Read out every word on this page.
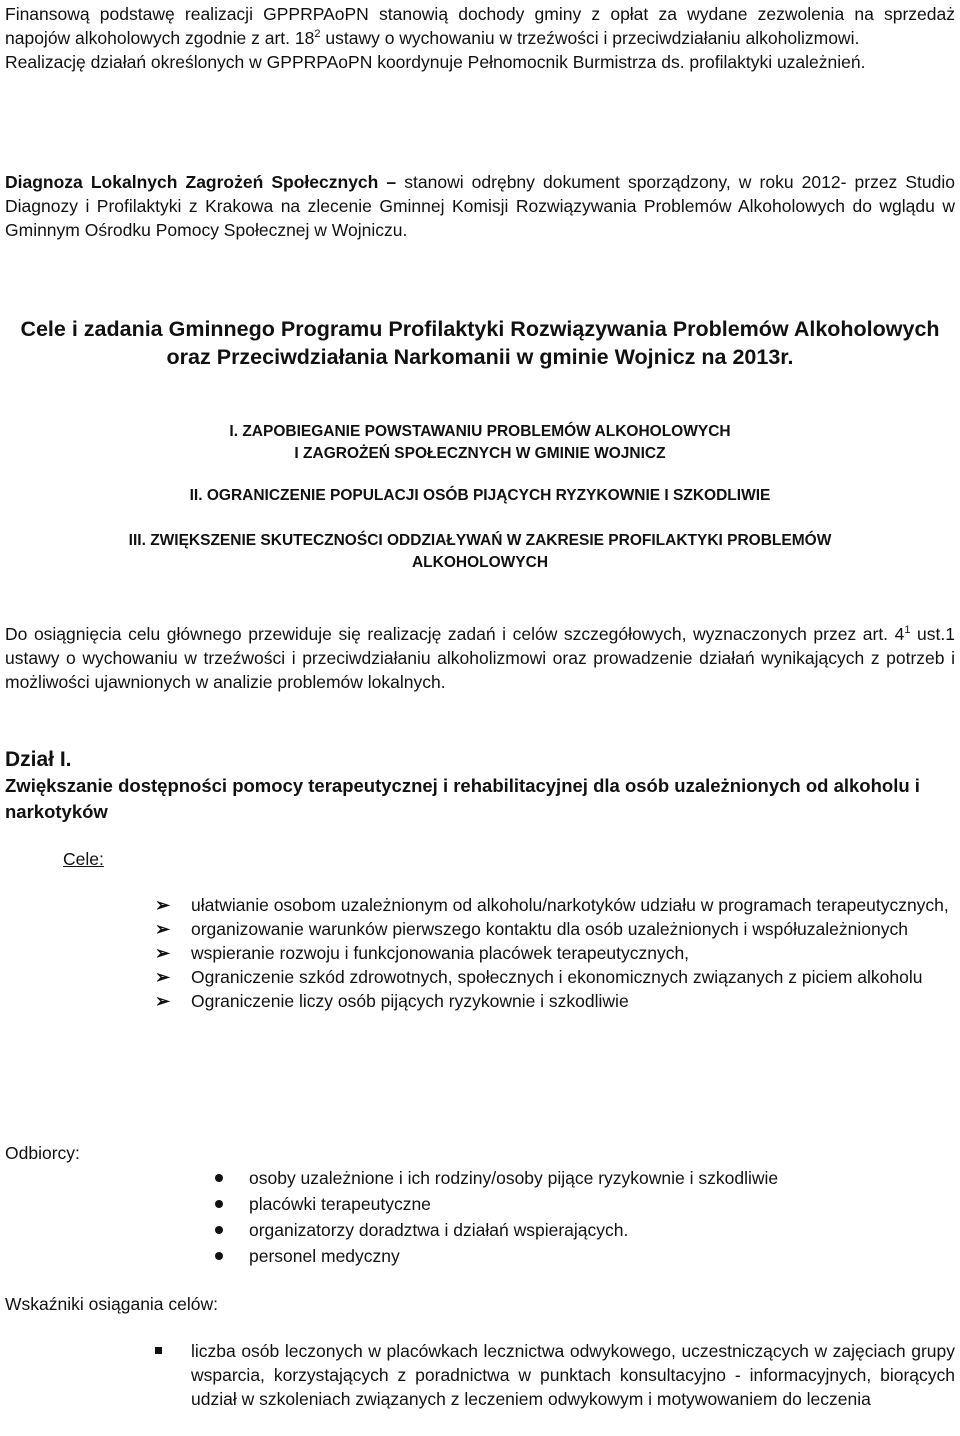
Finansową podstawę realizacji GPPRPAoPN stanowią dochody gminy z opłat za wydane zezwolenia na sprzedaż napojów alkoholowych zgodnie z art. $18^2$ ustawy o wychowaniu w trzeźwości i przeciwdziałaniu alkoholizmowi.

Realizację działań określonych w GPPRPAoPN koordynuje Pełnomocnik Burmistrza ds. profilaktyki uzależnień.

Diagnoza Lokalnych Zagrożeń Społecznych – stanowi odrębny dokument sporządzony, w roku 2012- przez Studio Diagnozy i Profilaktyki z Krakowa na zlecenie Gminnej Komisji Rozwiązywania Problemów Alkoholowych do wglądu w Gminnym Ośrodku Pomocy Społecznej w Wojniczu.

Cele i zadania Gminnego Programu Profilaktyki Rozwiązywania Problemów Alkoholowych oraz Przeciwdziałania Narkomanii w gminie Wojnicz na 2013r.
I. ZAPOBIEGANIE POWSTAWANIU PROBLEMÓW ALKOHOLOWYCH
I ZAGROŻEŃ SPOŁECZNYCH W GMINIE WOJNICZ
II. OGRANICZENIE POPULACJI OSÓB PIJĄCYCH RYZYKOWNIE I SZKODLIWIE
III. ZWIĘKSZENIE SKUTECZNOŚCI ODDZIAŁYWAŃ W ZAKRESIE PROFILAKTYKI PROBLEMÓW
ALKOHOLOWYCH

Do osiągnięcia celu głównego przewiduje się realizację zadań i celów szczegółowych, wyznaczonych przez art. $4^1$ ust.1 ustawy o wychowaniu w trzeźwości i przeciwdziałaniu alkoholizmowi oraz prowadzenie działań wynikających z potrzeb i możliwości ujawnionych w analizie problemów lokalnych.

Dział I.
Zwiększanie dostępności pomocy terapeutycznej i rehabilitacyjnej dla osób uzależnionych od alkoholu i narkotyków
Cele:
➢ ułatwianie osobom uzależnionym od alkoholu/narkotyków udziału w programach terapeutycznych,
➢ organizowanie warunków pierwszego kontaktu dla osób uzależnionych i współuzależnionych
➢ wspieranie rozwoju i funkcjonowania placówek terapeutycznych,
➢ Ograniczenie szkód zdrowotnych, społecznych i ekonomicznych związanych z piciem alkoholu
➢ Ograniczenie liczy osób pijących ryzykownie i szkodliwie
Odbiorcy:
osoby uzależnione i ich rodziny/osoby pijące ryzykownie i szkodliwie
placówki terapeutyczne
organizatorzy doradztwa i działań wspierających.
personel medyczny
Wskaźniki osiągania celów:
liczba osób leczonych w placówkach lecznictwa odwykowego, uczestniczących w zajęciach grupy wsparcia, korzystających z poradnictwa w punktach konsultacyjno - informacyjnych, biorących udział w szkoleniach związanych z leczeniem odwykowym i motywowaniem do leczenia
